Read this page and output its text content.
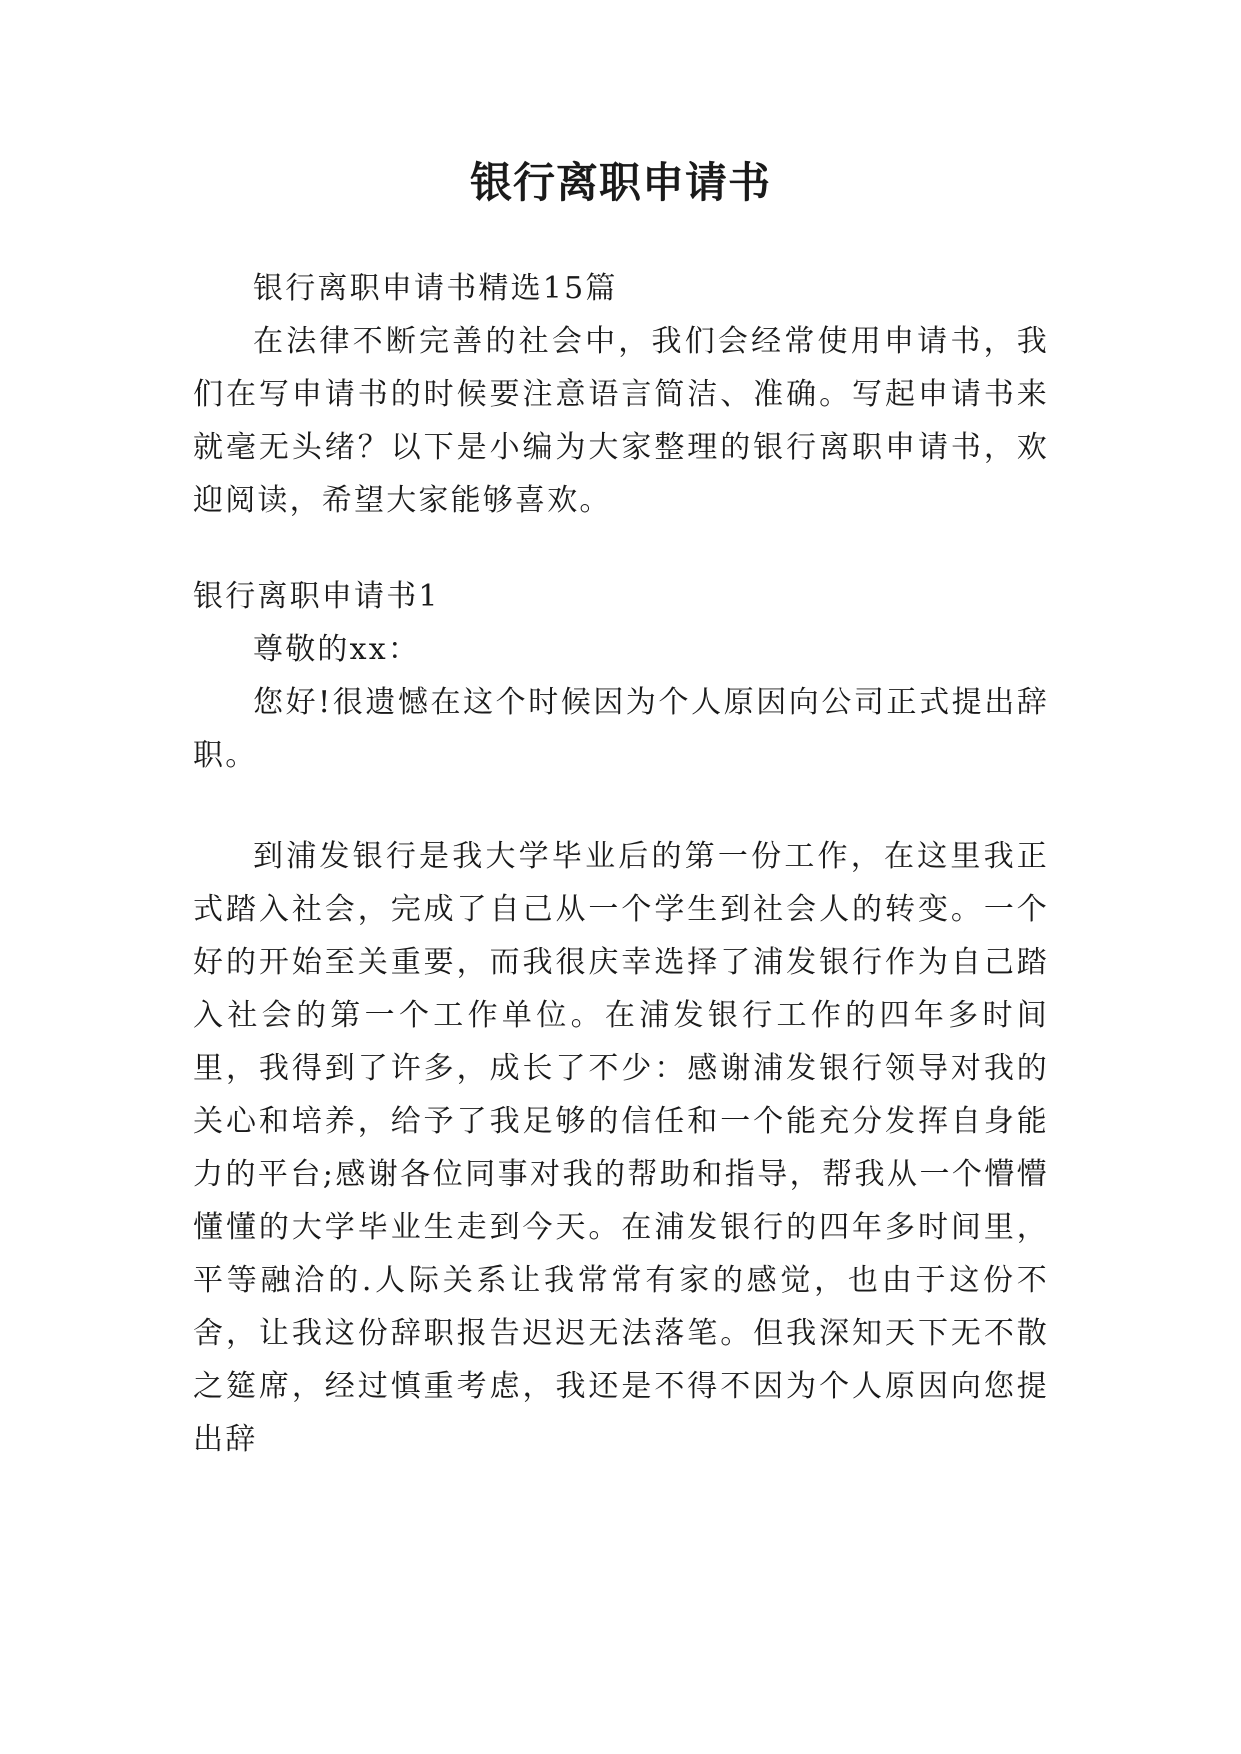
银行离职申请书

银行离职申请书精选15篇

在法律不断完善的社会中，我们会经常使用申请书，我们在写申请书的时候要注意语言简洁、准确。写起申请书来就毫无头绪？以下是小编为大家整理的银行离职申请书，欢迎阅读，希望大家能够喜欢。

银行离职申请书1

尊敬的xx：

您好!很遗憾在这个时候因为个人原因向公司正式提出辞职。

到浦发银行是我大学毕业后的第一份工作，在这里我正式踏入社会，完成了自己从一个学生到社会人的转变。一个好的开始至关重要，而我很庆幸选择了浦发银行作为自己踏入社会的第一个工作单位。在浦发银行工作的四年多时间里，我得到了许多，成长了不少：感谢浦发银行领导对我的关心和培养，给予了我足够的信任和一个能充分发挥自身能力的平台;感谢各位同事对我的帮助和指导，帮我从一个懵懵懂懂的大学毕业生走到今天。在浦发银行的四年多时间里，平等融洽的.人际关系让我常常有家的感觉，也由于这份不舍，让我这份辞职报告迟迟无法落笔。但我深知天下无不散之筵席，经过慎重考虑，我还是不得不因为个人原因向您提出辞
